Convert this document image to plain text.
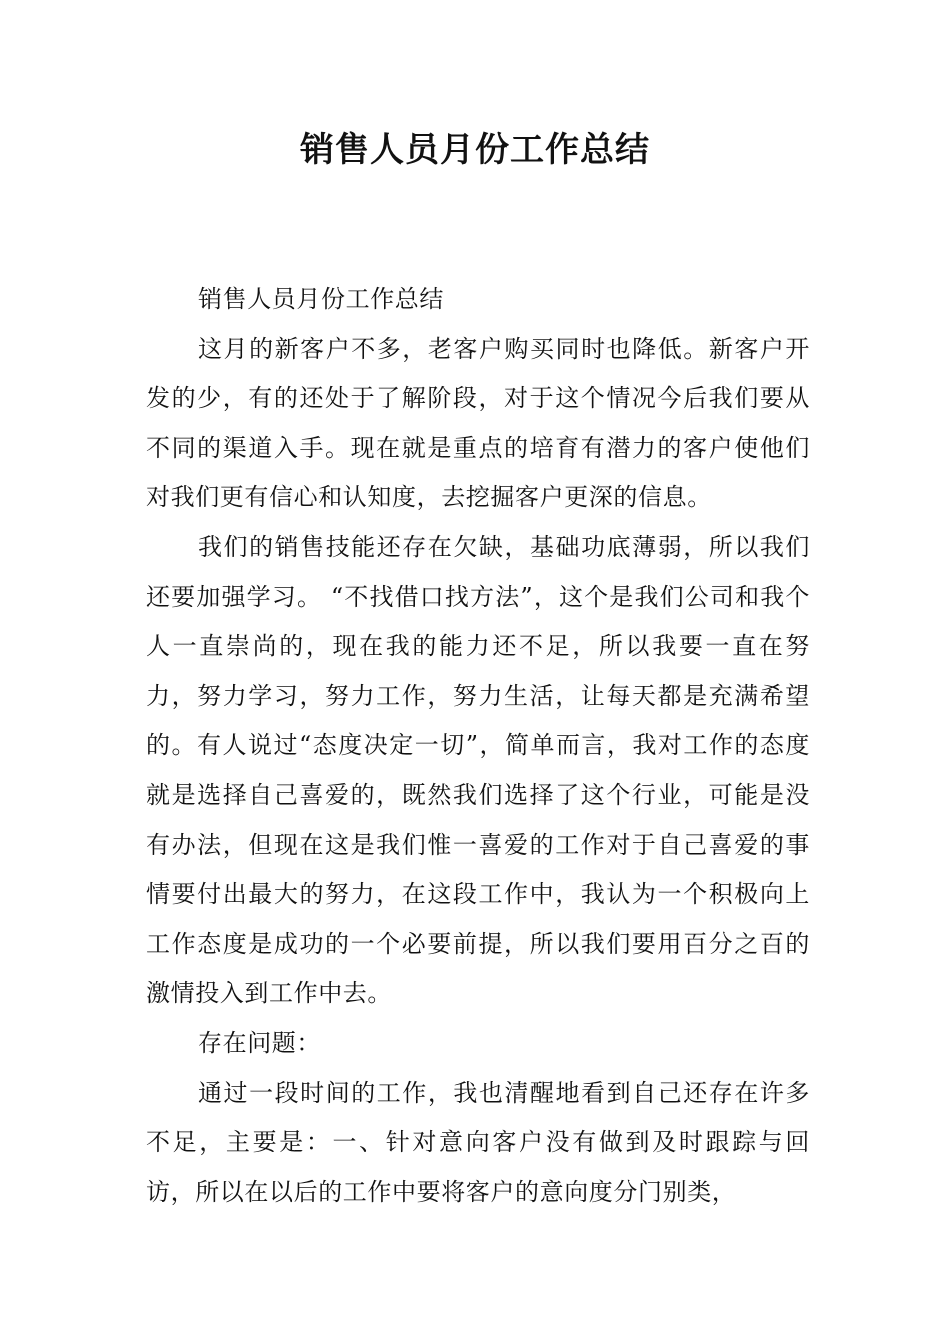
销售人员月份工作总结

销售人员月份工作总结

这月的新客户不多，老客户购买同时也降低。新客户开发的少，有的还处于了解阶段，对于这个情况今后我们要从不同的渠道入手。现在就是重点的培育有潜力的客户使他们对我们更有信心和认知度，去挖掘客户更深的信息。

我们的销售技能还存在欠缺，基础功底薄弱，所以我们还要加强学习。 “不找借口找方法”，这个是我们公司和我个人一直崇尚的，现在我的能力还不足，所以我要一直在努力，努力学习，努力工作，努力生活，让每天都是充满希望的。有人说过“态度决定一切”，简单而言，我对工作的态度就是选择自己喜爱的，既然我们选择了这个行业，可能是没有办法，但现在这是我们惟一喜爱的工作对于自己喜爱的事情要付出最大的努力，在这段工作中，我认为一个积极向上工作态度是成功的一个必要前提，所以我们要用百分之百的激情投入到工作中去。

存在问题：

通过一段时间的工作，我也清醒地看到自己还存在许多不足，主要是：一、针对意向客户没有做到及时跟踪与回访，所以在以后的工作中要将客户的意向度分门别类，
